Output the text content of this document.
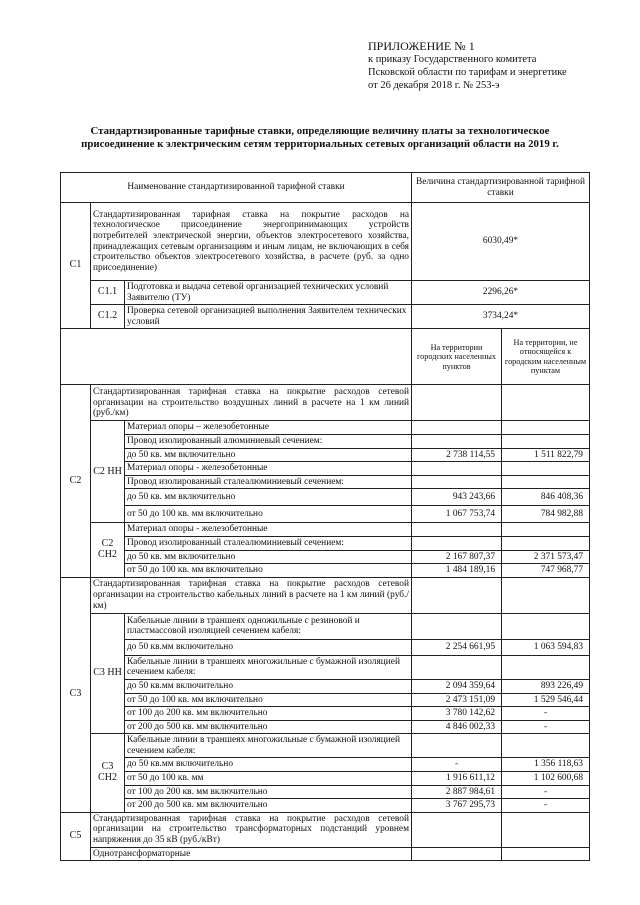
ПРИЛОЖЕНИЕ № 1
к приказу Государственного комитета
Псковской области по тарифам и энергетике
от 26 декабря 2018 г. № 253-э
Стандартизированные тарифные ставки, определяющие величину платы за технологическое присоединение к электрическим сетям территориальных сетевых организаций области на 2019 г.
Наименование стандартизированной тарифной ставки			Величина стандартизированной тарифной ставки	
С1	Стандартизированная тарифная ставка на покрытие расходов на технологическое присоединение энергопринимающих устройств потребителей электрической энергии, объектов электросетевого хозяйства, принадлежащих сетевым организациям и иным лицам, не включающих в себя строительство объектов электросетевого хозяйства, в расчете (руб. за одно присоединение)		6030,49*	
	С1.1	Подготовка и выдача сетевой организацией технических условий Заявителю (ТУ)	2296,26*	
	С1.2	Проверка сетевой организацией выполнения Заявителем технических условий	3734,24*	
			На территории городских населенных пунктов	На территории, не относящейся к городским населенным пунктам
С2	Стандартизированная тарифная ставка на покрытие расходов сетевой организации на строительство воздушных линий в расчете на 1 км линий (руб./км)			
	С2 НН	Материал опоры – железобетонные		
		Провод изолированный алюминиевый сечением:		
		до 50 кв. мм включительно	2 738 114,55	1 511 822,79
		Материал опоры - железобетонные		
		Провод изолированный сталеалюминиевый сечением:		
		до 50 кв. мм включительно	943 243,66	846 408,36
		от 50 до 100 кв. мм включительно	1 067 753,74	784 982,88
	С2 СН2	Материал опоры - железобетонные		
		Провод изолированный сталеалюминиевый сечением:		
		до 50 кв. мм включительно	2 167 807,37	2 371 573,47
		от 50 до 100 кв. мм включительно	1 484 189,16	747 968,77
С3	Стандартизированная тарифная ставка на покрытие расходов сетевой организации на строительство кабельных линий в расчете на 1 км линий (руб./км)			
	С3 НН	Кабельные линии в траншеях одножильные с резиновой и пластмассовой изоляцией сечением кабеля:		
		до 50 кв.мм включительно	2 254 661,95	1 063 594,83
		Кабельные линии в траншеях многожильные с бумажной изоляцией сечением кабеля:		
		до 50 кв.мм включительно	2 094 359,64	893 226,49
		от 50 до 100 кв. мм включительно	2 473 151,09	1 529 546,44
		от 100 до 200 кв. мм включительно	3 780 142,62	-
		от 200 до 500 кв. мм включительно	4 846 002,33	-
	С3 СН2	Кабельные линии в траншеях многожильные с бумажной изоляцией сечением кабеля:		
		до 50 кв.мм включительно	-	1 356 118,63
		от 50 до 100 кв. мм	1 916 611,12	1 102 600,68
		от 100 до 200 кв. мм включительно	2 887 984,61	-
		от 200 до 500 кв. мм включительно	3 767 295,73	-
С5	Стандартизированная тарифная ставка на покрытие расходов сетевой организации на строительство трансформаторных подстанций уровнем напряжения до 35 кВ (руб./кВт)			
	Однотрансформаторные			
